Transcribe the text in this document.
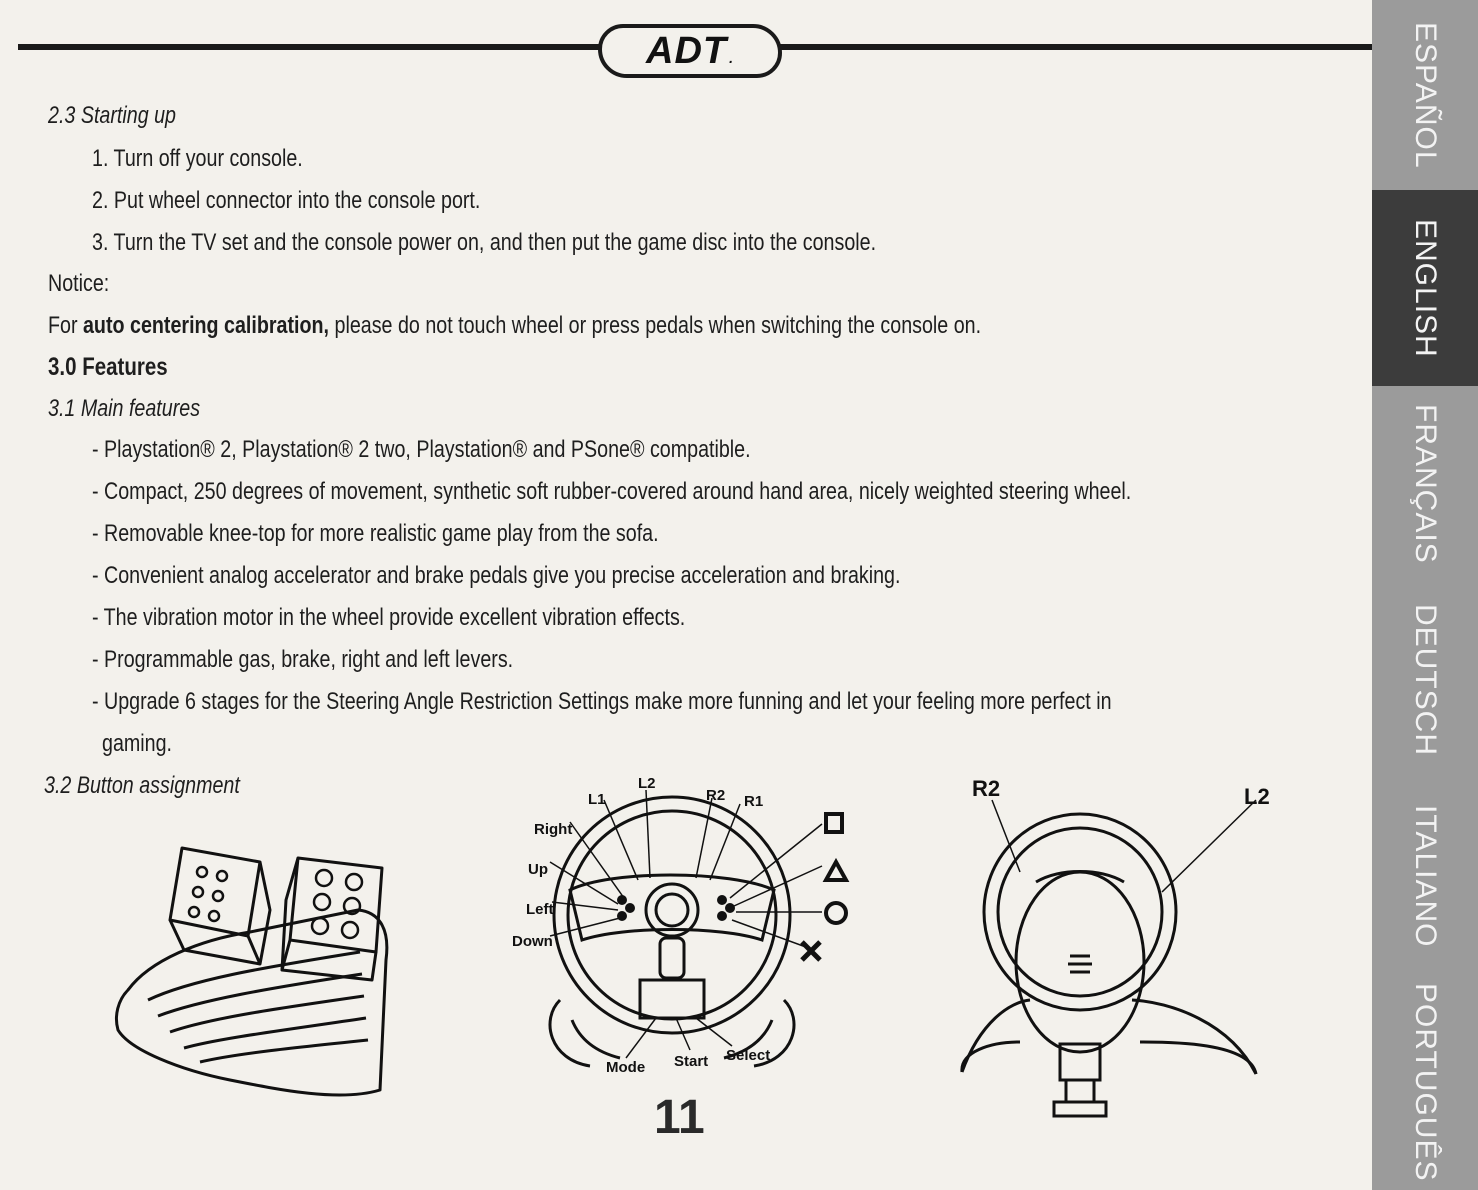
ADT .
2.3 Starting up
1. Turn off your console.
2. Put wheel connector into the console port.
3. Turn the TV set and the console power on, and then put the game disc into the console.
Notice:
For auto centering calibration, please do not touch wheel or press pedals when switching the console on.
3.0 Features
3.1 Main features
- Playstation® 2, Playstation® 2 two, Playstation® and PSone® compatible.
- Compact, 250 degrees of movement, synthetic soft rubber-covered around hand area, nicely weighted steering wheel.
- Removable knee-top for more realistic game play from the sofa.
- Convenient analog accelerator and brake pedals give you precise acceleration and braking.
- The vibration motor in the wheel provide excellent vibration effects.
- Programmable gas, brake, right and left levers.
- Upgrade 6 stages for the Steering Angle Restriction Settings make more funning and let your feeling more perfect in
gaming.
3.2 Button assignment
L1
L2
R2 R1
Right
Up
Left
Down
Mode Start Select
R2	L2
11
ESPAÑOL
ENGLISH
FRANÇAIS
DEUTSCH
ITALIANO
PORTUGUÊS
